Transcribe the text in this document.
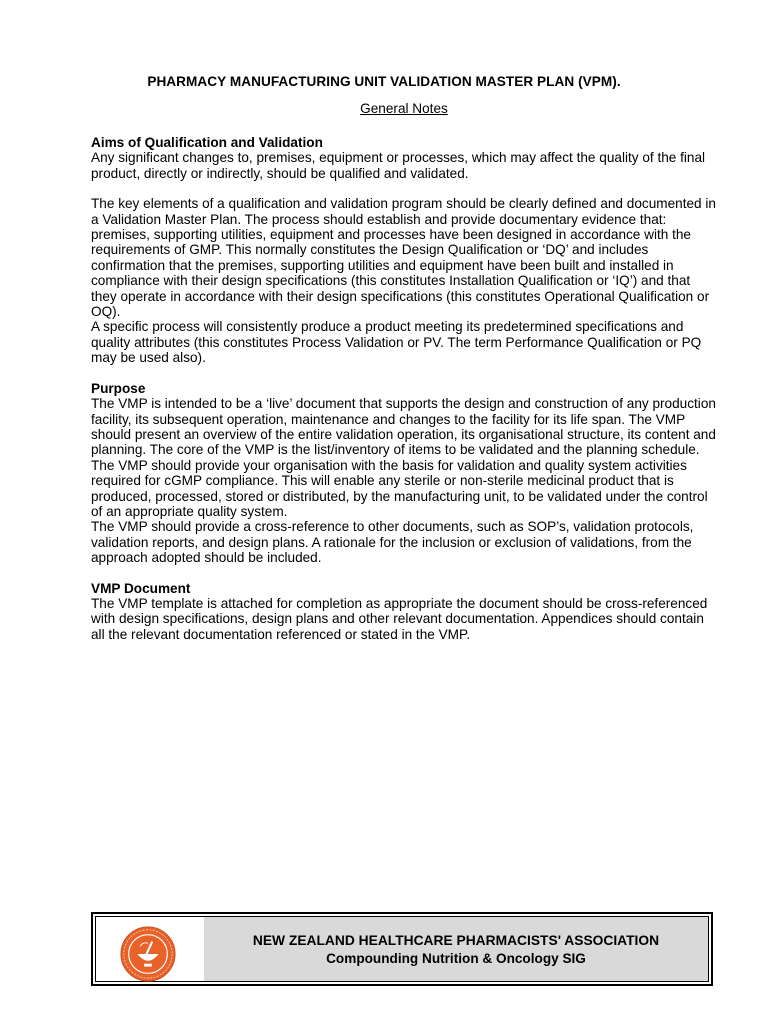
PHARMACY MANUFACTURING UNIT VALIDATION MASTER PLAN (VPM).
General Notes

Aims of Qualification and Validation

Any significant changes to, premises, equipment or processes, which may affect the quality of the final product, directly or indirectly, should be qualified and validated.

The key elements of a qualification and validation program should be clearly defined and documented in a Validation Master Plan. The process should establish and provide documentary evidence that: premises, supporting utilities, equipment and processes have been designed in accordance with the requirements of GMP. This normally constitutes the Design Qualification or ‘DQ’ and includes confirmation that the premises, supporting utilities and equipment have been built and installed in compliance with their design specifications (this constitutes Installation Qualification or ‘IQ’) and that they operate in accordance with their design specifications (this constitutes Operational Qualification or OQ).

A specific process will consistently produce a product meeting its predetermined specifications and quality attributes (this constitutes Process Validation or PV. The term Performance Qualification or PQ may be used also).

Purpose

The VMP is intended to be a ‘live’ document that supports the design and construction of any production facility, its subsequent operation, maintenance and changes to the facility for its life span. The VMP should present an overview of the entire validation operation, its organisational structure, its content and planning. The core of the VMP is the list/inventory of items to be validated and the planning schedule.

The VMP should provide your organisation with the basis for validation and quality system activities required for cGMP compliance. This will enable any sterile or non-sterile medicinal product that is produced, processed, stored or distributed, by the manufacturing unit, to be validated under the control of an appropriate quality system.

The VMP should provide a cross-reference to other documents, such as SOP’s, validation protocols, validation reports, and design plans. A rationale for the inclusion or exclusion of validations, from the approach adopted should be included.

VMP Document

The VMP template is attached for completion as appropriate the document should be cross-referenced with design specifications, design plans and other relevant documentation. Appendices should contain all the relevant documentation referenced or stated in the VMP.

NEW ZEALAND HEALTHCARE PHARMACISTS' ASSOCIATION
Compounding Nutrition & Oncology SIG
